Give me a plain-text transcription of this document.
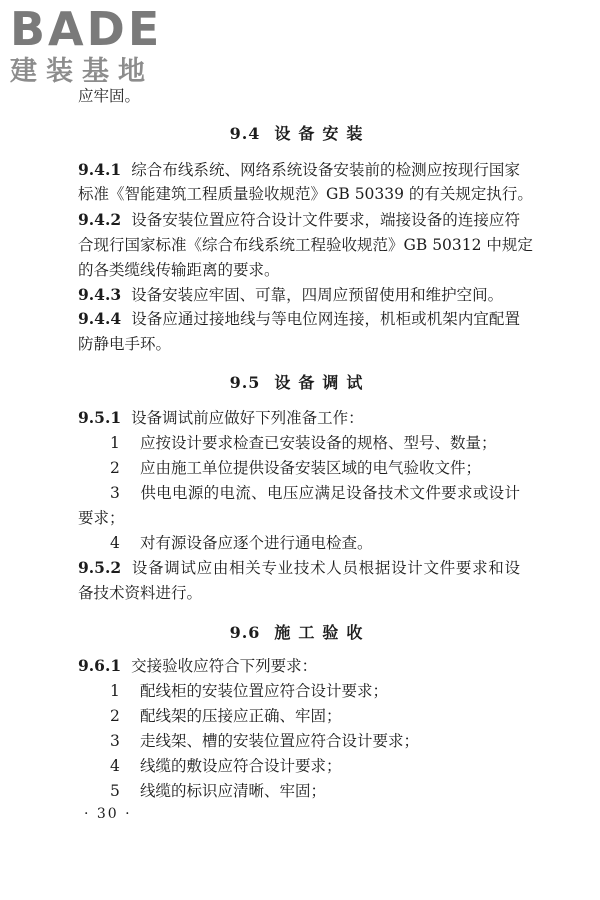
BADE
建装基地
应牢固。
9.4 设备安装
9.4.1 综合布线系统、网络系统设备安装前的检测应按现行国家
标准《智能建筑工程质量验收规范》GB 50339 的有关规定执行。
9.4.2 设备安装位置应符合设计文件要求，端接设备的连接应符
合现行国家标准《综合布线系统工程验收规范》GB 50312 中规定
的各类缆线传输距离的要求。
9.4.3 设备安装应牢固、可靠，四周应预留使用和维护空间。
9.4.4 设备应通过接地线与等电位网连接，机柜或机架内宜配置
防静电手环。
9.5 设备调试
9.5.1 设备调试前应做好下列准备工作：
1 应按设计要求检查已安装设备的规格、型号、数量；
2 应由施工单位提供设备安装区域的电气验收文件；
3 供电电源的电流、电压应满足设备技术文件要求或设计
要求；
4 对有源设备应逐个进行通电检查。
9.5.2 设备调试应由相关专业技术人员根据设计文件要求和设
备技术资料进行。
9.6 施工验收
9.6.1 交接验收应符合下列要求：
1 配线柜的安装位置应符合设计要求；
2 配线架的压接应正确、牢固；
3 走线架、槽的安装位置应符合设计要求；
4 线缆的敷设应符合设计要求；
5 线缆的标识应清晰、牢固；
· 30 ·
